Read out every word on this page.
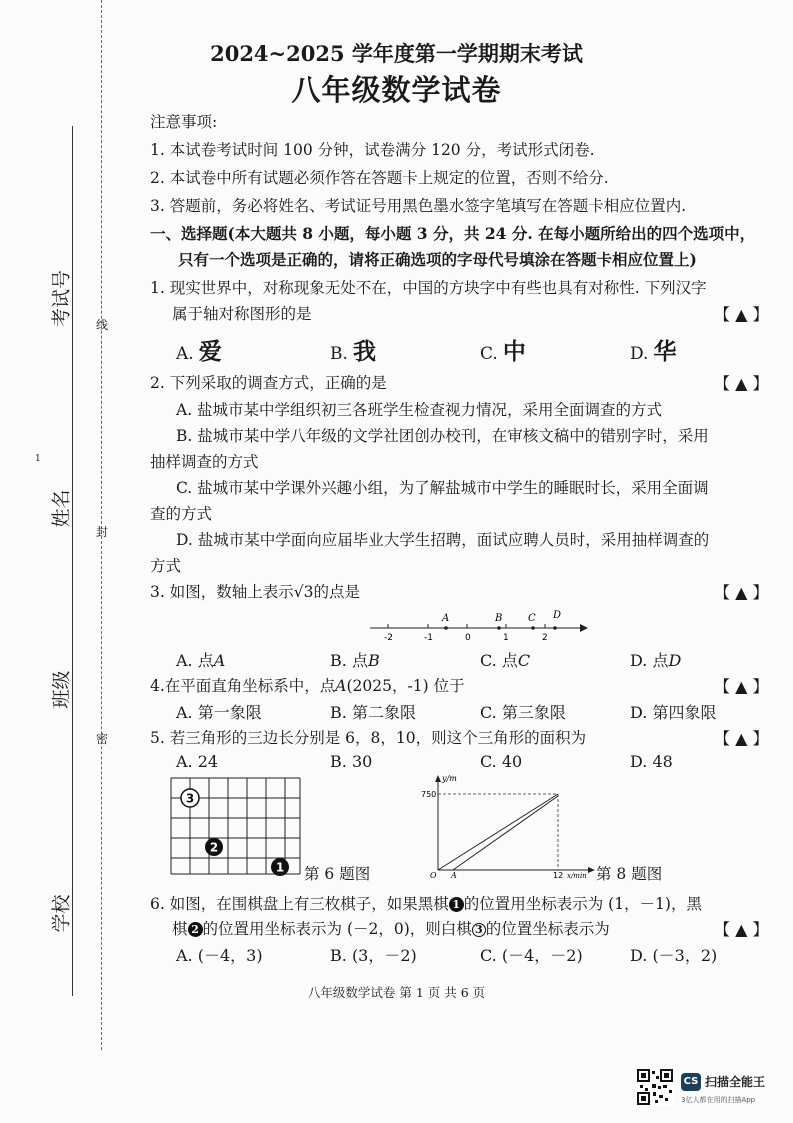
考试号
姓名
班级
学校
线
封
密
1
2024~2025 学年度第一学期期末考试
八年级数学试卷
注意事项:
1. 本试卷考试时间 100 分钟，试卷满分 120 分，考试形式闭卷.
2. 本试卷中所有试题必须作答在答题卡上规定的位置，否则不给分.
3. 答题前，务必将姓名、考试证号用黑色墨水签字笔填写在答题卡相应位置内.
一、选择题(本大题共 8 小题，每小题 3 分，共 24 分. 在每小题所给出的四个选项中，
只有一个选项是正确的，请将正确选项的字母代号填涂在答题卡相应位置上)
1. 现实世界中，对称现象无处不在，中国的方块字中有些也具有对称性. 下列汉字
属于轴对称图形的是	【 ▲ 】
A. 爱	B. 我	C. 中	D. 华
2. 下列采取的调查方式，正确的是	【 ▲ 】
A. 盐城市某中学组织初三各班学生检查视力情况，采用全面调查的方式
B. 盐城市某中学八年级的文学社团创办校刊，在审核文稿中的错别字时，采用
抽样调查的方式
C. 盐城市某中学课外兴趣小组，为了解盐城市中学生的睡眠时长，采用全面调
查的方式
D. 盐城市某中学面向应届毕业大学生招聘，面试应聘人员时，采用抽样调查的
方式
3. 如图，数轴上表示√3的点是	【 ▲ 】
-2	-1	0	1	2
A	B	C D
A. 点A	B. 点B	C. 点C	D. 点D
4.在平面直角坐标系中，点A(2025，-1) 位于	【 ▲ 】
A. 第一象限	B. 第二象限	C. 第三象限	D. 第四象限
5. 若三角形的三边长分别是 6，8，10，则这个三角形的面积为	【 ▲ 】
A. 24	B. 30	C. 40	D. 48
3
2
1 第 6 题图
y/m
750
O A	12 x/min 第 8 题图
6. 如图，在围棋盘上有三枚棋子，如果黑棋 1 的位置用坐标表示为 (1，－1)，黑
棋 2 的位置用坐标表示为 (－2，0)，则白棋 3 的位置坐标表示为	【 ▲ 】
A. (－4，3)	B. (3，－2)	C. (－4，－2)	D. (－3，2)
八年级数学试卷 第 1 页 共 6 页
CS 扫描全能王
3亿人都在用的扫描App
